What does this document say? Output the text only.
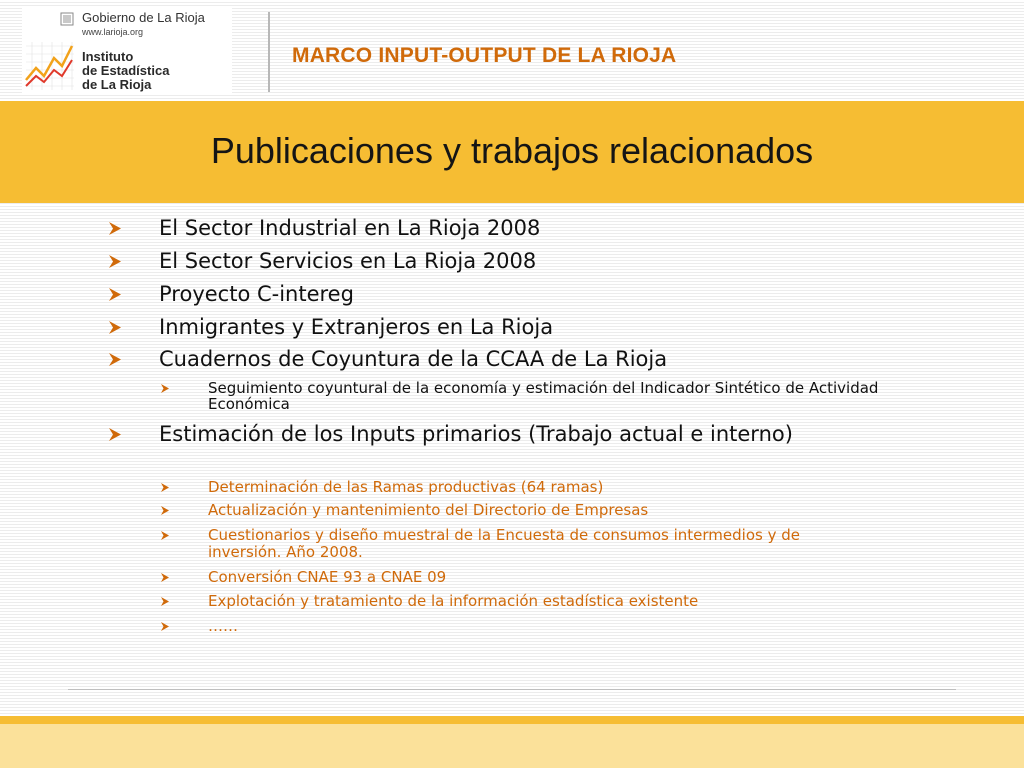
Gobierno de La Rioja
www.larioja.org
Instituto
de Estadística
de La Rioja
MARCO INPUT-OUTPUT DE LA RIOJA
Publicaciones y trabajos relacionados
El Sector Industrial en La Rioja 2008
El Sector Servicios en La Rioja 2008
Proyecto C-intereg
Inmigrantes y Extranjeros en La Rioja
Cuadernos de Coyuntura de la CCAA de La Rioja
Seguimiento coyuntural de la economía y estimación del Indicador Sintético de Actividad Económica
Estimación de los Inputs primarios (Trabajo actual e interno)
Determinación de las Ramas productivas (64 ramas)
Actualización y mantenimiento del Directorio de Empresas
Cuestionarios y diseño muestral de la Encuesta de consumos intermedios y de inversión. Año 2008.
Conversión CNAE 93 a CNAE 09
Explotación y tratamiento de la información estadística existente
……
